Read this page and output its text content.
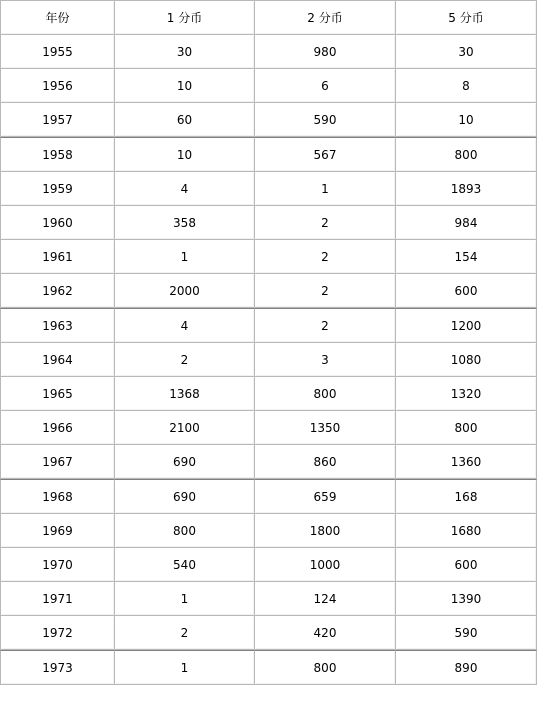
年份	1 分币	2 分币	5 分币
1955	30	980	30
1956	10	6	8
1957	60	590	10
1958	10	567	800
1959	4	1	1893
1960	358	2	984
1961	1	2	154
1962	2000	2	600
1963	4	2	1200
1964	2	3	1080
1965	1368	800	1320
1966	2100	1350	800
1967	690	860	1360
1968	690	659	168
1969	800	1800	1680
1970	540	1000	600
1971	1	124	1390
1972	2	420	590
1973	1	800	890
